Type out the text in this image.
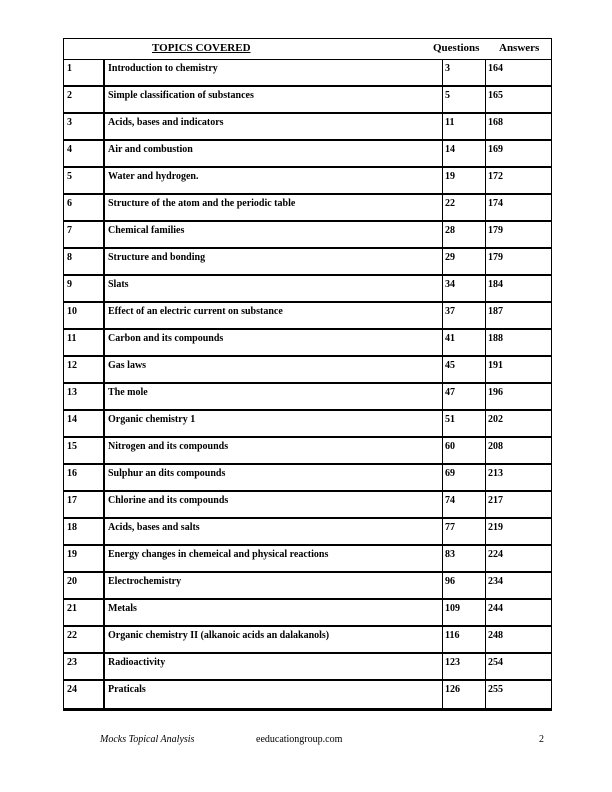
TOPICS COVERED	Questions Answers
1	Introduction to chemistry	3	164
2	Simple classification of substances	5	165
3	Acids, bases and indicators	11	168
4	Air and combustion	14	169
5	Water and hydrogen.	19	172
6	Structure of the atom and the periodic table	22	174
7	Chemical families	28	179
8	Structure and bonding	29	179
9	Slats	34	184
10	Effect of an electric current on substance	37	187
11	Carbon and its compounds	41	188
12	Gas laws	45	191
13	The mole	47	196
14	Organic chemistry 1	51	202
15	Nitrogen and its compounds	60	208
16	Sulphur an dits compounds	69	213
17	Chlorine and its compounds	74	217
18	Acids, bases and salts	77	219
19	Energy changes in chemeical and physical reactions	83	224
20	Electrochemistry	96	234
21	Metals	109	244
22	Organic chemistry II (alkanoic acids an dalakanols)	116	248
23	Radioactivity	123	254
24	Praticals	126	255
Mocks Topical Analysis	eeducationgroup.com	2
